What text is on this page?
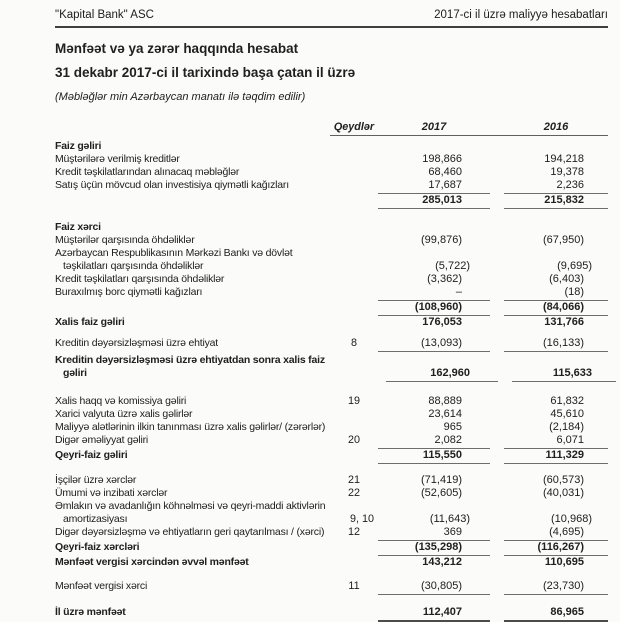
"Kapital Bank" ASC	2017-ci il üzrə maliyyə hesabatları
Mənfəət və ya zərər haqqında hesabat
31 dekabr 2017-ci il tarixində başa çatan il üzrə
(Məbləğlər min Azərbaycan manatı ilə təqdim edilir)
Qeydlər	2017	2016
Faiz gəliri
Müştərilərə verilmiş kreditlər	198,866	194,218
Kredit təşkilatlarından alınacaq məbləğlər	68,460	19,378
Satış üçün mövcud olan investisiya qiymətli kağızları	17,687	2,236
285,013	215,832
Faiz xərci
Müştərilər qarşısında öhdəliklər	(99,876)	(67,950)
Azərbaycan Respublikasının Mərkəzi Bankı və dövlət
təşkilatları qarşısında öhdəliklər	(5,722)	(9,695)
Kredit təşkilatları qarşısında öhdəliklər	(3,362)	(6,403)
Buraxılmış borc qiymətli kağızları	–	(18)
(108,960)	(84,066)
Xalis faiz gəliri	176,053	131,766
Kreditin dəyərsizləşməsi üzrə ehtiyat	8	(13,093)	(16,133)
Kreditin dəyərsizləşməsi üzrə ehtiyatdan sonra xalis faiz
gəliri	162,960	115,633
Xalis haqq və komissiya gəliri	19	88,889	61,832
Xarici valyuta üzrə xalis gəlirlər	23,614	45,610
Maliyyə alətlərinin ilkin tanınması üzrə xalis gəlirlər/ (zərərlər)	965	(2,184)
Digər əməliyyat gəliri	20	2,082	6,071
Qeyri-faiz gəliri	115,550	111,329
İşçilər üzrə xərclər	21	(71,419)	(60,573)
Ümumi və inzibati xərclər	22	(52,605)	(40,031)
Əmlakın və avadanlığın köhnəlməsi və qeyri-maddi aktivlərin
amortizasiyası	9, 10	(11,643)	(10,968)
Digər dəyərsizləşmə və ehtiyatların geri qaytarılması / (xərci)	12	369	(4,695)
Qeyri-faiz xərcləri	(135,298)	(116,267)
Mənfəət vergisi xərcindən əvvəl mənfəət	143,212	110,695
Mənfəət vergisi xərci	11	(30,805)	(23,730)
İl üzrə mənfəət	112,407	86,965
